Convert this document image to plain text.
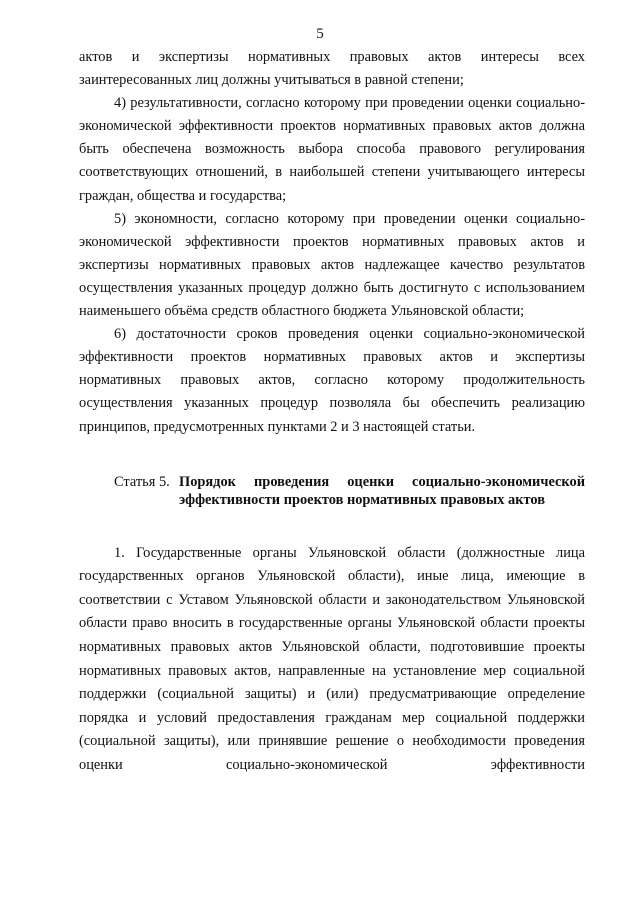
5

актов и экспертизы нормативных правовых актов интересы всех заинтересованных лиц должны учитываться в равной степени;

4) результативности, согласно которому при проведении оценки социально-экономической эффективности проектов нормативных правовых актов должна быть обеспечена возможность выбора способа правового регулирования соответствующих отношений, в наибольшей степени учитывающего интересы граждан, общества и государства;

5) экономности, согласно которому при проведении оценки социально-экономической эффективности проектов нормативных правовых актов и экспертизы нормативных правовых актов надлежащее качество результатов осуществления указанных процедур должно быть достигнуто с использованием наименьшего объёма средств областного бюджета Ульяновской области;

6) достаточности сроков проведения оценки социально-экономической эффективности проектов нормативных правовых актов и экспертизы нормативных правовых актов, согласно которому продолжительность осуществления указанных процедур позволяла бы обеспечить реализацию принципов, предусмотренных пунктами 2 и 3 настоящей статьи.

Статья 5. Порядок проведения оценки социально-экономической
эффективности проектов нормативных правовых актов

1. Государственные органы Ульяновской области (должностные лица государственных органов Ульяновской области), иные лица, имеющие в соответствии с Уставом Ульяновской области и законодательством Ульяновской области право вносить в государственные органы Ульяновской области проекты нормативных правовых актов Ульяновской области, подготовившие проекты нормативных правовых актов, направленные на установление мер социальной поддержки (социальной защиты) и (или) предусматривающие определение порядка и условий предоставления гражданам мер социальной поддержки (социальной защиты), или принявшие решение о необходимости проведения оценки социально-экономической эффективности
